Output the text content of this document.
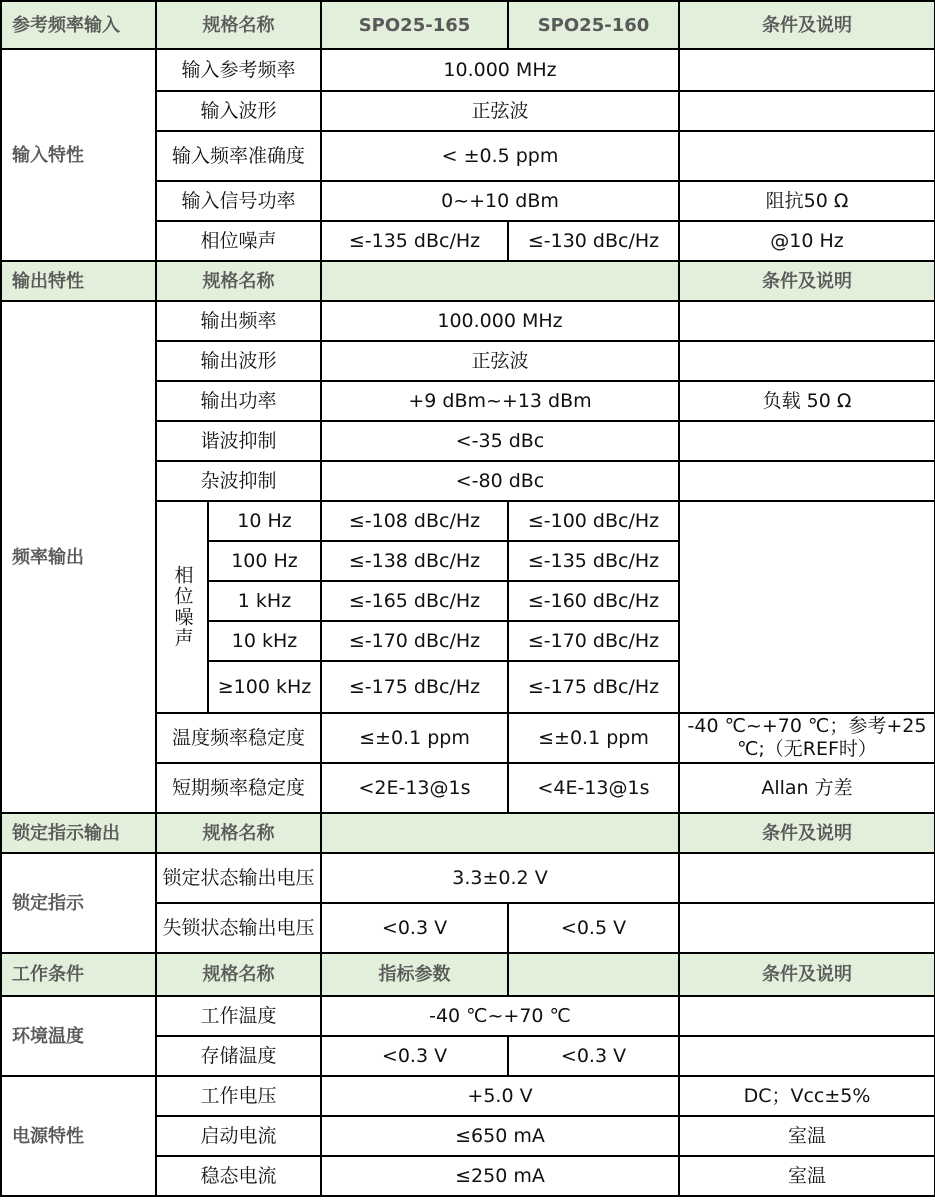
参考频率输入	规格名称		SPO25-165	SPO25-160	条件及说明
输入特性	输入参考频率		10.000 MHz		
	输入波形		正弦波		
	输入频率准确度		< ±0.5 ppm		
	输入信号功率		0~+10 dBm		阻抗50 Ω
	相位噪声		≤-135 dBc/Hz	≤-130 dBc/Hz	@10 Hz
输出特性	规格名称				条件及说明
频率输出	输出频率		100.000 MHz		
	输出波形		正弦波		
	输出功率		+9 dBm~+13 dBm		负载 50 Ω
	谐波抑制		<-35 dBc		
	杂波抑制		<-80 dBc		
	相位噪声	10 Hz	≤-108 dBc/Hz	≤-100 dBc/Hz	
		100 Hz	≤-138 dBc/Hz	≤-135 dBc/Hz	
		1 kHz	≤-165 dBc/Hz	≤-160 dBc/Hz	
		10 kHz	≤-170 dBc/Hz	≤-170 dBc/Hz	
		≥100 kHz	≤-175 dBc/Hz	≤-175 dBc/Hz	
	温度频率稳定度		≤±0.1 ppm	≤±0.1 ppm	-40 ℃~+70 ℃；参考+25 ℃;（无REF时）
	短期频率稳定度		<2E-13@1s	<4E-13@1s	Allan 方差
锁定指示输出	规格名称				条件及说明
锁定指示	锁定状态输出电压		3.3±0.2 V		
	失锁状态输出电压		<0.3 V	<0.5 V	
工作条件	规格名称		指标参数		条件及说明
环境温度	工作温度		-40 ℃~+70 ℃		
	存储温度		<0.3 V	<0.3 V	
电源特性	工作电压		+5.0 V		DC；Vcc±5%
	启动电流		≤650 mA		室温
	稳态电流		≤250 mA		室温
